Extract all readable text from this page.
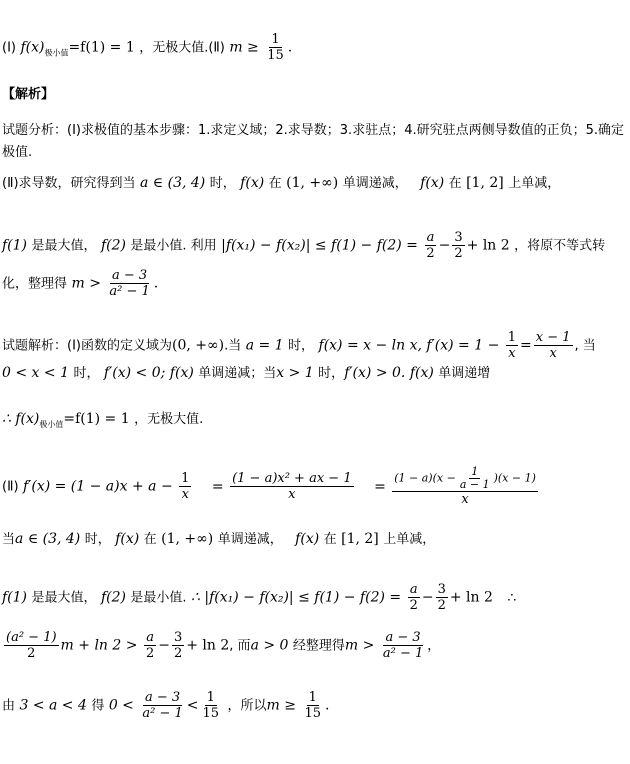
(Ⅰ) $f(x)_{极小值}=f(1) = 1$ ，无极大值.(Ⅱ) $m \ge \frac{1}{15}$ .
【解析】
试题分析：(Ⅰ)求极值的基本步骤：1.求定义域；2.求导数；3.求驻点；4.研究驻点两侧导数值的正负；5.确定极值.
(Ⅱ)求导数，研究得到当 a ∈ (3, 4) 时， f(x) 在 (1, +∞) 单调递减， f(x) 在 [1, 2] 上单减，
f(1) 是最大值， f(2) 是最小值. 利用 $|f(x_1) - f(x_2)| \le f(1) - f(2) = \frac{a}{2} - \frac{3}{2} + \ln 2$ ，将原不等式转
化，整理得 $m > \frac{a - 3}{\text{a² − 1}}$ .
试题解析：(Ⅰ)函数的定义域为(0, +∞).当 a = 1 时， f(x) = x − ln x, $f'(x) = 1 - \frac{1}{x} = \frac{x - 1}{x}$ , 当
0 < x < 1 时， f′(x) < 0; f(x) 单调递减；当x > 1 时，f′(x) > 0. f(x) 单调递增
∴ $f(x)_{极小值}=f(1) = 1$ ，无极大值.
(Ⅱ) $f'(x) = (1 - a)x + a - \frac{1}{x} = \frac{\text{(1 − a)x² + ax − 1}}{x} = \frac{(1 - a)(x - \frac{1}{a - 1} )(x - 1)}{x}$
当a ∈ (3, 4) 时， f(x) 在 (1, +∞) 单调递减， f(x) 在 [1, 2] 上单减，
f(1) 是最大值， f(2) 是最小值. ∴ $|f(x_1) - f(x_2)| \le f(1) - f(2) = \frac{a}{2} - \frac{3}{2} + \ln 2$ ∴
$\frac{\text{(a² − 1)}}{2}$ $m + \ln 2 > \frac{a}{2} - \frac{3}{2} + \ln 2$, 而a > 0 经整理得$m > \frac{a - 3}{\text{a² − 1}}$ ，
由 3 < a < 4 得 $0 < \frac{a - 3}{\text{a² − 1}} < \frac{1}{15}$ ，所以$m \ge \frac{1}{15}$ .
